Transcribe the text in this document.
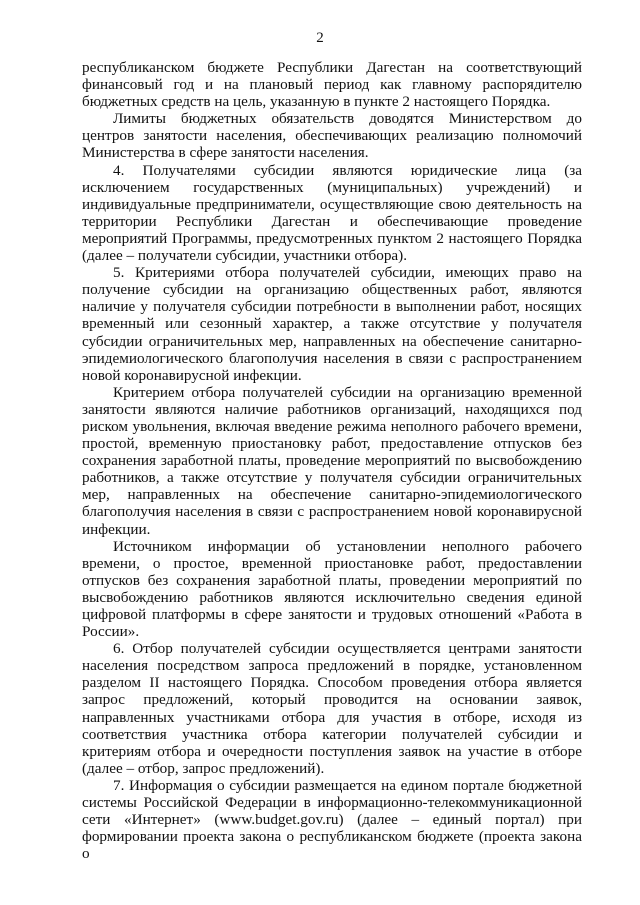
2

республиканском бюджете Республики Дагестан на соответствующий финансовый год и на плановый период как главному распорядителю бюджетных средств на цель, указанную в пункте 2 настоящего Порядка.

Лимиты бюджетных обязательств доводятся Министерством до центров занятости населения, обеспечивающих реализацию полномочий Министерства в сфере занятости населения.

4. Получателями субсидии являются юридические лица (за исключением государственных (муниципальных) учреждений) и индивидуальные предприниматели, осуществляющие свою деятельность на территории Республики Дагестан и обеспечивающие проведение мероприятий Программы, предусмотренных пунктом 2 настоящего Порядка (далее – получатели субсидии, участники отбора).

5. Критериями отбора получателей субсидии, имеющих право на получение субсидии на организацию общественных работ, являются наличие у получателя субсидии потребности в выполнении работ, носящих временный или сезонный характер, а также отсутствие у получателя субсидии ограничительных мер, направленных на обеспечение санитарно-эпидемиологического благополучия населения в связи с распространением новой коронавирусной инфекции.

Критерием отбора получателей субсидии на организацию временной занятости являются наличие работников организаций, находящихся под риском увольнения, включая введение режима неполного рабочего времени, простой, временную приостановку работ, предоставление отпусков без сохранения заработной платы, проведение мероприятий по высвобождению работников, а также отсутствие у получателя субсидии ограничительных мер, направленных на обеспечение санитарно-эпидемиологического благополучия населения в связи с распространением новой коронавирусной инфекции.

Источником информации об установлении неполного рабочего времени, о простое, временной приостановке работ, предоставлении отпусков без сохранения заработной платы, проведении мероприятий по высвобождению работников являются исключительно сведения единой цифровой платформы в сфере занятости и трудовых отношений «Работа в России».

6. Отбор получателей субсидии осуществляется центрами занятости населения посредством запроса предложений в порядке, установленном разделом II настоящего Порядка. Способом проведения отбора является запрос предложений, который проводится на основании заявок, направленных участниками отбора для участия в отборе, исходя из соответствия участника отбора категории получателей субсидии и критериям отбора и очередности поступления заявок на участие в отборе (далее – отбор, запрос предложений).

7. Информация о субсидии размещается на едином портале бюджетной системы Российской Федерации в информационно-телекоммуникационной сети «Интернет» (www.budget.gov.ru) (далее – единый портал) при формировании проекта закона о республиканском бюджете (проекта закона о
